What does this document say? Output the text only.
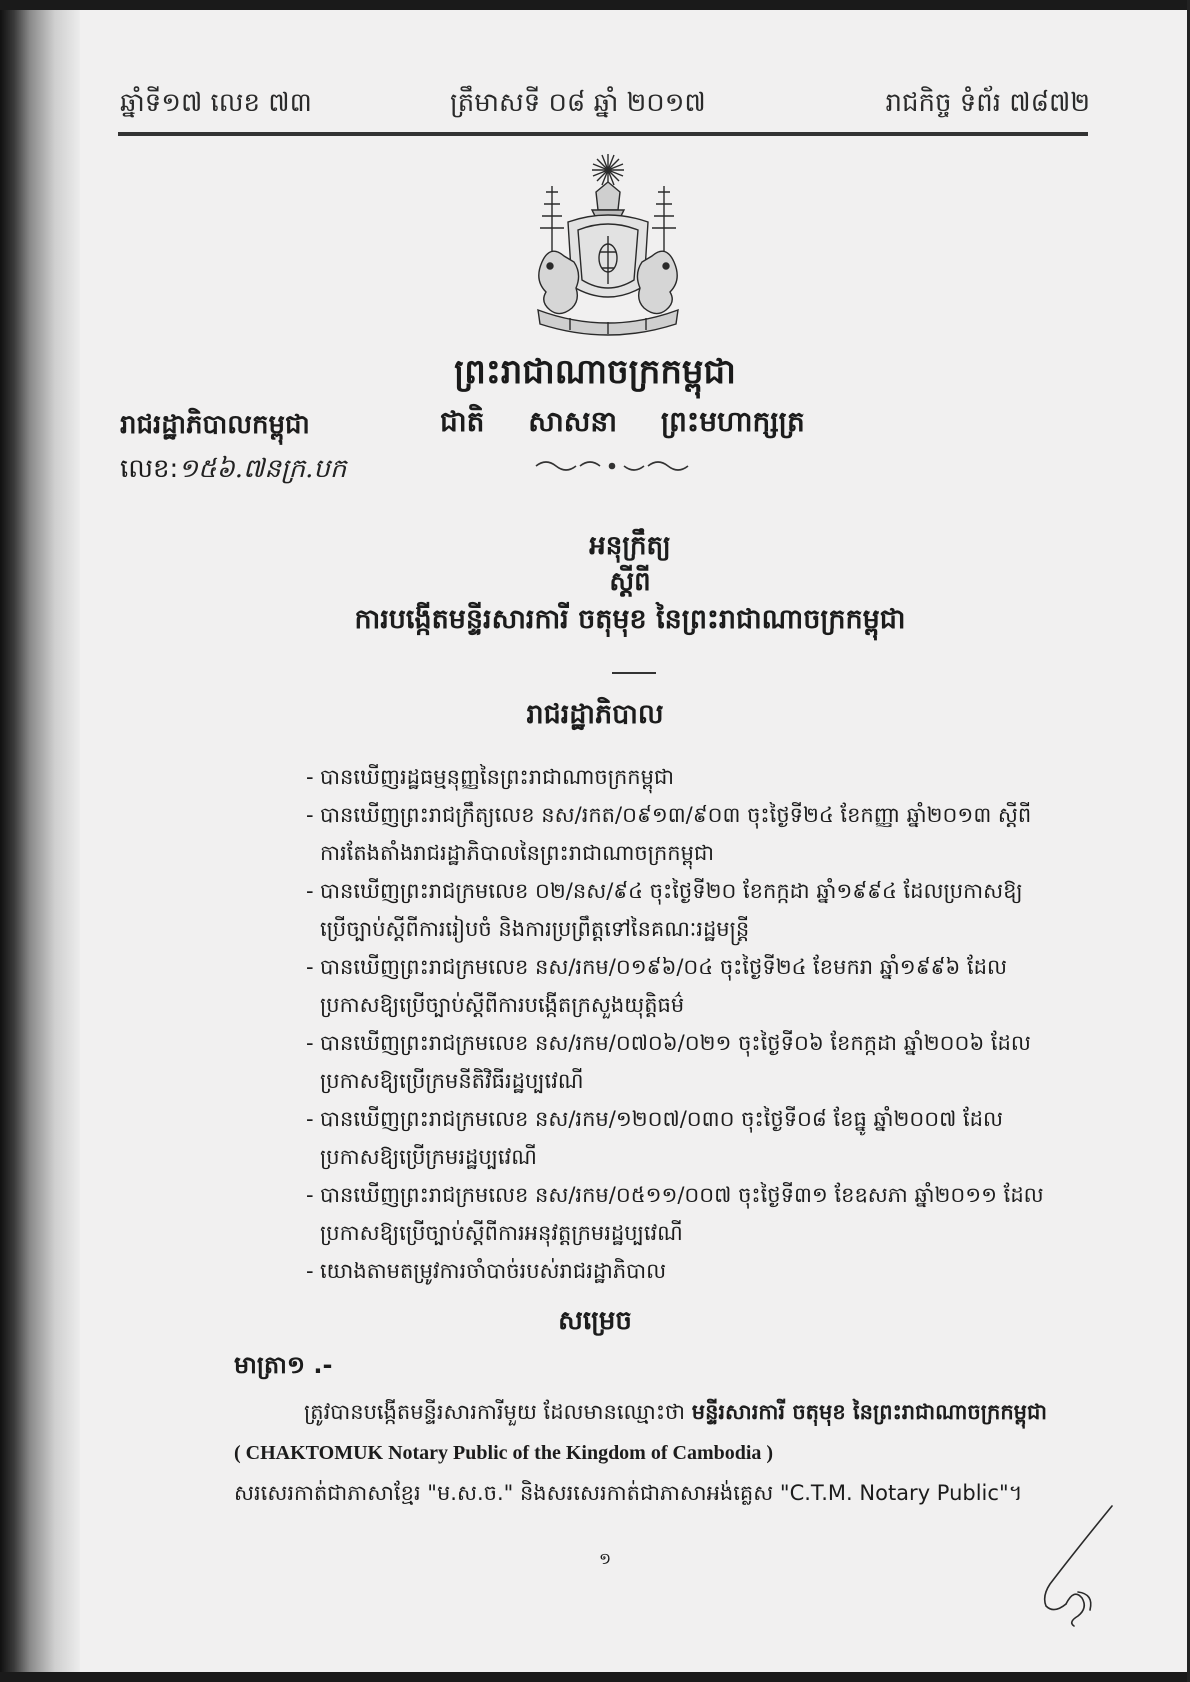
ឆ្នាំទី១៧ លេខ ៧៣	ត្រឹមាសទី ០៨ ឆ្នាំ ២០១៧	រាជកិច្ច ទំព័រ ៧៨៧២
ព្រះរាជាណាចក្រកម្ពុជា
ជាតិ សាសនា ព្រះមហាក្សត្រ
រាជរដ្ឋាភិបាលកម្ពុជា
លេខ:១៥៦.៧នក្រ.បក
អនុក្រឹត្យ
ស្តីពី
ការបង្កើតមន្ទីរសារការី ចតុមុខ នៃព្រះរាជាណាចក្រកម្ពុជា
រាជរដ្ឋាភិបាល
- បានឃើញរដ្ឋធម្មនុញ្ញនៃព្រះរាជាណាចក្រកម្ពុជា
- បានឃើញព្រះរាជក្រឹត្យលេខ នស/រកត/០៩១៣/៩០៣ ចុះថ្ងៃទី២៤ ខែកញ្ញា ឆ្នាំ២០១៣ ស្តីពីការតែងតាំងរាជរដ្ឋាភិបាលនៃព្រះរាជាណាចក្រកម្ពុជា
- បានឃើញព្រះរាជក្រមលេខ ០២/នស/៩៤ ចុះថ្ងៃទី២០ ខែកក្កដា ឆ្នាំ១៩៩៤ ដែលប្រកាសឱ្យប្រើច្បាប់ស្តីពីការរៀបចំ និងការប្រព្រឹត្តទៅនៃគណៈរដ្ឋមន្ត្រី
- បានឃើញព្រះរាជក្រមលេខ នស/រកម/០១៩៦/០៤ ចុះថ្ងៃទី២៤ ខែមករា ឆ្នាំ១៩៩៦ ដែលប្រកាសឱ្យប្រើច្បាប់ស្តីពីការបង្កើតក្រសួងយុត្តិធម៌
- បានឃើញព្រះរាជក្រមលេខ នស/រកម/០៧០៦/០២១ ចុះថ្ងៃទី០៦ ខែកក្កដា ឆ្នាំ២០០៦ ដែលប្រកាសឱ្យប្រើក្រមនីតិវិធីរដ្ឋប្បវេណី
- បានឃើញព្រះរាជក្រមលេខ នស/រកម/១២០៧/០៣០ ចុះថ្ងៃទី០៨ ខែធ្នូ ឆ្នាំ២០០៧ ដែលប្រកាសឱ្យប្រើក្រមរដ្ឋប្បវេណី
- បានឃើញព្រះរាជក្រមលេខ នស/រកម/០៥១១/០០៧ ចុះថ្ងៃទី៣១ ខែឧសភា ឆ្នាំ២០១១ ដែលប្រកាសឱ្យប្រើច្បាប់ស្តីពីការអនុវត្តក្រមរដ្ឋប្បវេណី
- យោងតាមតម្រូវការចាំបាច់របស់រាជរដ្ឋាភិបាល
សម្រេច
មាត្រា១ .-
ត្រូវបានបង្កើតមន្ទីរសារការីមួយ ដែលមានឈ្មោះថា មន្ទីរសារការី ចតុមុខ នៃព្រះរាជាណាចក្រកម្ពុជា ( CHAKTOMUK Notary Public of the Kingdom of Cambodia )
សរសេរកាត់ជាភាសាខ្មែរ "ម.ស.ច." និងសរសេរកាត់ជាភាសាអង់គ្លេស "C.T.M. Notary Public"។
១
